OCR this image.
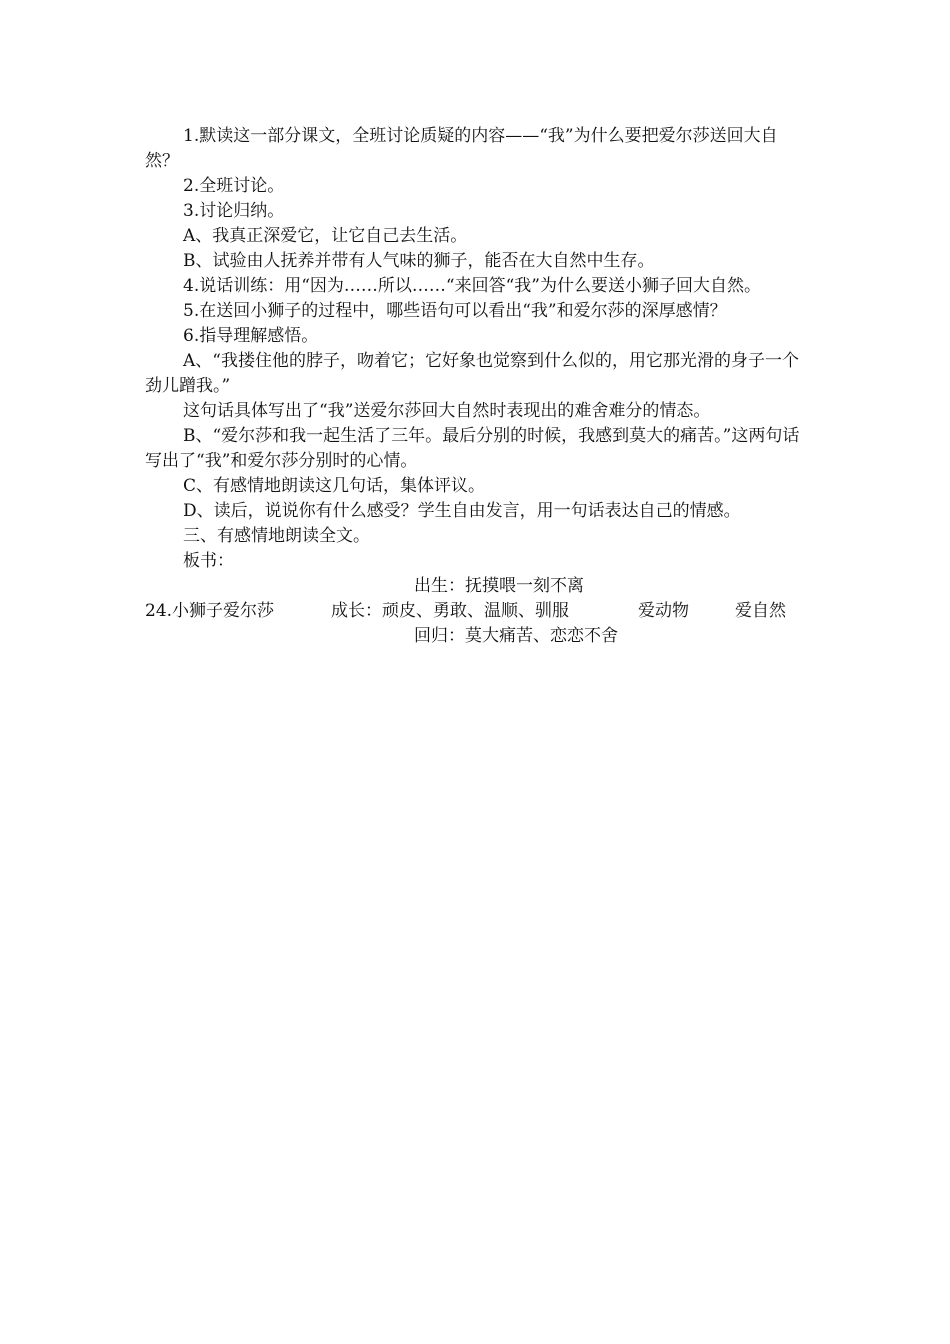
1.默读这一部分课文，全班讨论质疑的内容——“我”为什么要把爱尔莎送回大自然？

2.全班讨论。

3.讨论归纳。

A、我真正深爱它，让它自己去生活。

B、试验由人抚养并带有人气味的狮子，能否在大自然中生存。

4.说话训练：用“因为……所以……“来回答“我”为什么要送小狮子回大自然。

5.在送回小狮子的过程中，哪些语句可以看出“我”和爱尔莎的深厚感情？

6.指导理解感悟。

A、“我搂住他的脖子，吻着它；它好象也觉察到什么似的，用它那光滑的身子一个劲儿蹭我。”

这句话具体写出了“我”送爱尔莎回大自然时表现出的难舍难分的情态。

B、“爱尔莎和我一起生活了三年。最后分别的时候，我感到莫大的痛苦。”这两句话写出了“我”和爱尔莎分别时的心情。

C、有感情地朗读这几句话，集体评议。

D、读后，说说你有什么感受？学生自由发言，用一句话表达自己的情感。

三、有感情地朗读全文。

板书：

出生：抚摸喂一刻不离
24.小狮子爱尔莎	成长：顽皮、勇敢、温顺、驯服	爱动物	爱自然
回归：莫大痛苦、恋恋不舍
